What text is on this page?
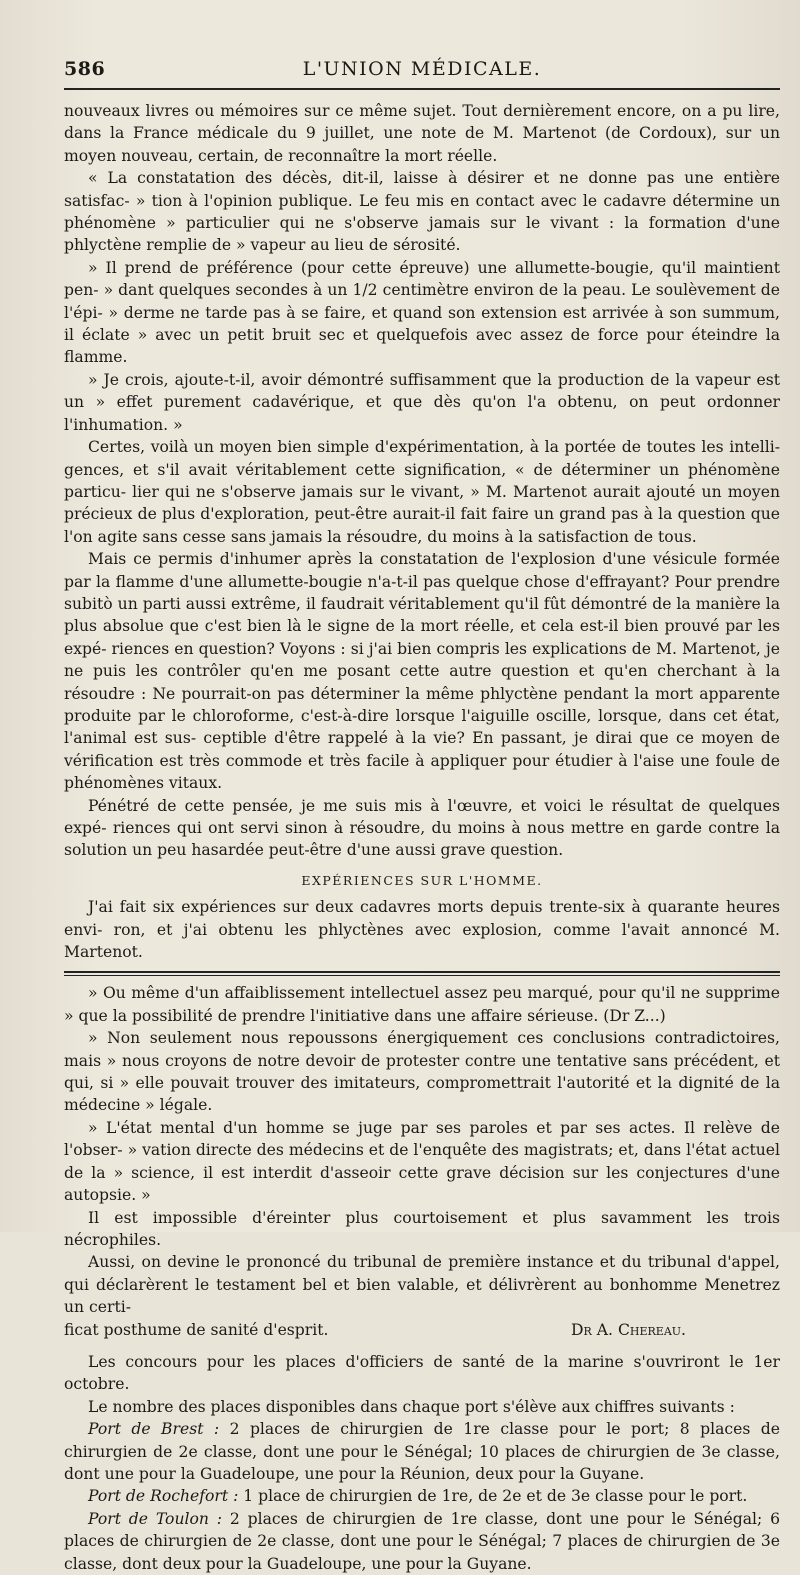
586	L'UNION MÉDICALE.

nouveaux livres ou mémoires sur ce même sujet. Tout dernièrement encore, on a pu lire, dans la France médicale du 9 juillet, une note de M. Martenot (de Cordoux), sur un moyen nouveau, certain, de reconnaître la mort réelle.

« La constatation des décès, dit-il, laisse à désirer et ne donne pas une entière satisfac- » tion à l'opinion publique. Le feu mis en contact avec le cadavre détermine un phénomène » particulier qui ne s'observe jamais sur le vivant : la formation d'une phlyctène remplie de » vapeur au lieu de sérosité.

» Il prend de préférence (pour cette épreuve) une allumette-bougie, qu'il maintient pen- » dant quelques secondes à un 1/2 centimètre environ de la peau. Le soulèvement de l'épi- » derme ne tarde pas à se faire, et quand son extension est arrivée à son summum, il éclate » avec un petit bruit sec et quelquefois avec assez de force pour éteindre la flamme.

» Je crois, ajoute-t-il, avoir démontré suffisamment que la production de la vapeur est un » effet purement cadavérique, et que dès qu'on l'a obtenu, on peut ordonner l'inhumation. »

Certes, voilà un moyen bien simple d'expérimentation, à la portée de toutes les intelli- gences, et s'il avait véritablement cette signification, « de déterminer un phénomène particu- lier qui ne s'observe jamais sur le vivant, » M. Martenot aurait ajouté un moyen précieux de plus d'exploration, peut-être aurait-il fait faire un grand pas à la question que l'on agite sans cesse sans jamais la résoudre, du moins à la satisfaction de tous.

Mais ce permis d'inhumer après la constatation de l'explosion d'une vésicule formée par la flamme d'une allumette-bougie n'a-t-il pas quelque chose d'effrayant? Pour prendre subitò un parti aussi extrême, il faudrait véritablement qu'il fût démontré de la manière la plus absolue que c'est bien là le signe de la mort réelle, et cela est-il bien prouvé par les expé- riences en question? Voyons : si j'ai bien compris les explications de M. Martenot, je ne puis les contrôler qu'en me posant cette autre question et qu'en cherchant à la résoudre : Ne pourrait-on pas déterminer la même phlyctène pendant la mort apparente produite par le chloroforme, c'est-à-dire lorsque l'aiguille oscille, lorsque, dans cet état, l'animal est sus- ceptible d'être rappelé à la vie? En passant, je dirai que ce moyen de vérification est très commode et très facile à appliquer pour étudier à l'aise une foule de phénomènes vitaux.

Pénétré de cette pensée, je me suis mis à l'œuvre, et voici le résultat de quelques expé- riences qui ont servi sinon à résoudre, du moins à nous mettre en garde contre la solution un peu hasardée peut-être d'une aussi grave question.

EXPÉRIENCES SUR L'HOMME.

J'ai fait six expériences sur deux cadavres morts depuis trente-six à quarante heures envi- ron, et j'ai obtenu les phlyctènes avec explosion, comme l'avait annoncé M. Martenot.

» Ou même d'un affaiblissement intellectuel assez peu marqué, pour qu'il ne supprime » que la possibilité de prendre l'initiative dans une affaire sérieuse. (Dr Z...)

» Non seulement nous repoussons énergiquement ces conclusions contradictoires, mais » nous croyons de notre devoir de protester contre une tentative sans précédent, et qui, si » elle pouvait trouver des imitateurs, compromettrait l'autorité et la dignité de la médecine » légale.

» L'état mental d'un homme se juge par ses paroles et par ses actes. Il relève de l'obser- » vation directe des médecins et de l'enquête des magistrats; et, dans l'état actuel de la » science, il est interdit d'asseoir cette grave décision sur les conjectures d'une autopsie. »

Il est impossible d'éreinter plus courtoisement et plus savamment les trois nécrophiles.

Aussi, on devine le prononcé du tribunal de première instance et du tribunal d'appel, qui déclarèrent le testament bel et bien valable, et délivrèrent au bonhomme Menetrez un certi-

ficat posthume de sanité d'esprit.	Dr A. Chereau.

Les concours pour les places d'officiers de santé de la marine s'ouvriront le 1er octobre.

Le nombre des places disponibles dans chaque port s'élève aux chiffres suivants :

Port de Brest : 2 places de chirurgien de 1re classe pour le port; 8 places de chirurgien de 2e classe, dont une pour le Sénégal; 10 places de chirurgien de 3e classe, dont une pour la Guadeloupe, une pour la Réunion, deux pour la Guyane.

Port de Rochefort : 1 place de chirurgien de 1re, de 2e et de 3e classe pour le port.

Port de Toulon : 2 places de chirurgien de 1re classe, dont une pour le Sénégal; 6 places de chirurgien de 2e classe, dont une pour le Sénégal; 7 places de chirurgien de 3e classe, dont deux pour la Guadeloupe, une pour la Guyane.
